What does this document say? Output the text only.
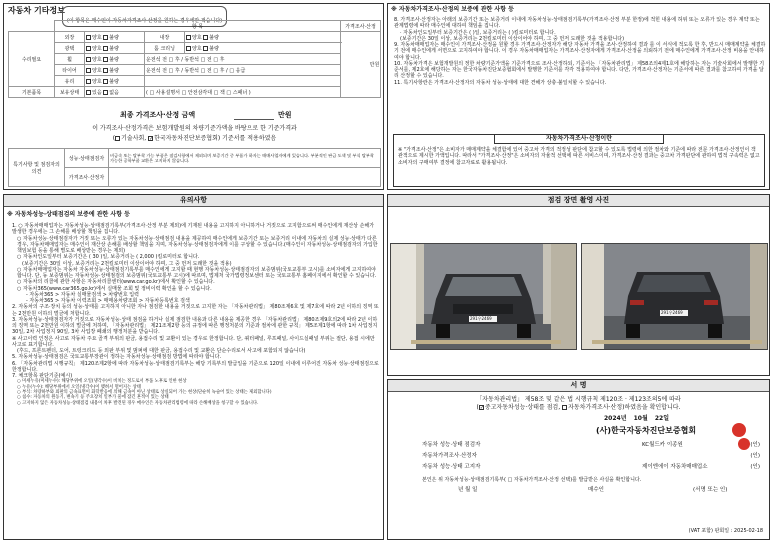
자동차 기타정보
(이 항목은 매수인이 자동차가격조사·산정을 원하는 경우에만 적습니다)
	항 목				가격조사·산정
수리필요	외장	양호 불량	내장	양호 불량	만원
	광택	양호 불량	룸 크리닝	양호 불량	
	휠	양호 불량	운전석 전 □ 후 / 동반석 □ 전 □ 후		
	타이어	양호 불량	운전석 전 □ 후 / 동반석 □ 전 □ 후 / □ 응급		
	유리	양호 불량			
기본품목	보유상태	있음 없음	( □ 사용설명서 □ 안전삼각대 □ 잭 □ 스패너 )		
최종 가격조사·산정 금액	만원
이 가격조사·산정가격은 보험개발원의 차량기준가액을 바탕으로 한 기준가격과
( 기술사회, ✓ 한국자동차진단보증협회) 기준서를 적용하였음
특기사항 및 점검자의 의견	성능·상태점검자	비금속 또는 탈부착 가능 부품은 점검사항에서 제외되며 보증기간 중 부품가 하자는 매매사업자에게 있습니다. 부분적인 판금 도색 및 부식 탈부착 가능한 공학부품 교환은 고지하지 않습니다.
	가격조사·산정자	
※ 자동차가격조사·산정의 보증에 관한 사항 등
8. 가격조사·산정자는 아래의 보증기간 또는 보증거리 이내에 자동차성능·상태점검기록부(가격조사·산정 부분 한정)에 적힌 내용에 허위 또는 오류가 있는 경우 계약 또는 관계법령에 따라 매수인에 대하여 책임을 집니다.
· 자동차인도일부터 보증기간은 ( )일, 보증거리는 ( )킬로미터로 합니다.
(보증기간은 30일 이상, 보증거리는 2천킬로미터 이상이어야 하며, 그 중 먼저 도래한 것을 적용합니다)
9. 자동차매매업자는 매수인이 가격조사·산정을 원할 경우 가격조사·산정자가 해당 자동차 가격을 조사·산정하여 결과 를 이 서식에 적도록 한 후, 반드시 매매계약을 체결하기 전에 매수인에게 서면으로 고지하여야 합니다. 이 경우 자동차매매업자는 가격조사·산정자에게 가격조사·산정을 의뢰하기 전에 매수인에게 가격조사·산정 비용을 안내하여야 합니다.
10. 자동차가격은 보험개발원의 정한 차량기준가액을 기준가격으로 조사·산정하되, 기준서는 「자동차관리법」 제58조의4제1호에 해당하는 자는 기술사회에서 발행한 기준서를, 제2호에 해당하는 자는 한국자동차진단보증협회에서 발행한 기준서를 각각 적용하여야 합니다. 다만, 가격조사·산정자는 기준서에 따른 결과를 참고하여 가격을 달리 산정할 수 있습니다.
11. 특기사항란은 가격조사·산정자의 자동차 성능·상태에 대한 견해가 상충·불일치할 수 있습니다.
자동차가격조사·산정이란
※ "가격조사·산정"은 소비자가 매매계약을 체결함에 있어 중고차 가격의 적정성 판단에 참고할 수 있도록 법령에 의한 절차와 기준에 따라 전문 가격조사·산정인이 객관적으로 제시한 가액입니다. 따라서 "가격조사·산정"은 소비자의 자율적 선택에 따른 서비스이며, 가격조사·산정 결과는 중고차 가격판단에 관하여 법적 구속력은 없고 소비자의 구매여부 결정에 참고자료로 활용됩니다.
유의사항
※ 자동차성능·상태점검의 보증에 관한 사항 등
1. ○ 자동차매매업자는 자동차성능·상태점검기록부(가격조사·산정 부분 제외)에 기재된 내용을 고지하지 아니하거나 거짓으로 고지함으로써 매수인에게 재산상 손해가 발생한 경우에는 그 손해를 배상할 책임을 집니다.
○ 자동차성능·상태점검자가 거짓 또는 오류가 있는 자동차성능·상태점검 내용을 제공하여 매수인에게 보증기간 또는 보증거리 이내에 자동차의 실제 성능·상태가 다른 경우, 자동차매매업자는 매수인이 재산상 손해를 배상할 책임을 지며, 자동차성능·상태점검자에게 이를 구상할 수 있습니다.(매수인이 자동차성능·상태점검자의 가입한 책임보험 등을 통해 별도로 배상받는 경우는 제외)
○ 자동차인도일부터 보증기간은 ( 30 )일, 보증거리는 ( 2,000 )킬로미터로 합니다.
(보증기간은 30일 이상, 보증거리는 2천킬로미터 이상이어야 하며, 그 중 먼저 도래한 것을 적용)
○ 자동차매매업자는 자동차 자동차성능·상태점검기록부를 매수인에게 고지할 때 현행 자동차성능·상태점검자의 보증범위(국토교통부 고시)를 소비자에게 고지하여야 합니다. 단, 동 보증범위는 자동차성능·상태점검의 보증범위(국토교통부 고시)에 따르며, 법제처 국가법령정보센터 또는 국토교통부 홈페이지에서 확인할 수 있습니다.
○ 자동차의 리콜에 관한 사항은 자동차리콜센터(www.car.go.kr)에서 확인할 수 있습니다.
○ 자동차365(www.car365.go.kr)에서 실매물 조회 및 정비이력 확인을 할 수 있습니다.
- 자동차365 > 자동차 실매물검색 > 차량번호 입력
- 자동차365 > 자동차 이력조회 > 매매용차량조회 > 자동차등록번호 검색
2. 자동차의 구조·장치 등의 성능·상태를 고지하지 아니한 자나 점검한 내용을 거짓으로 고지한 자는 「자동차관리법」 제80조제6호 및 제7호에 따라 2년 이하의 징역 또는 2천만원 이하의 벌금에 처합니다.
3. 자동차성능·상태점검자가 거짓으로 자동차성능·상태 점검을 하거나 실제 점검한 내용과 다른 내용을 제공한 경우 「자동차관리법」 제80조제9호의2에 따라 2년 이하의 징역 또는 2천만원 이하의 벌금에 처하며, 「자동차관리법」 제21조제2항 등의 규정에 따른 행정처분의 기준과 절차에 관한 규칙」 제5조제1항에 따라 1차 사업정지 30일, 2차 사업정지 90일, 3차 사업장 폐쇄의 행정처분을 받습니다.
※ 사고이력 인정은 사고로 자동차 주요 골격 부위의 판금, 용접수리 및 교환이 있는 경우로 한정합니다. 단, 쿼터패널, 루프패널, 사이드실패널 부위는 절단, 용접 시에만 사고로 표기합니다.
(후드, 프론트펜더, 도어, 트렁크리드 등 외판 부위 및 범퍼에 대한 판금, 용접수리 및 교환은 단순수리로서 사고에 포함되지 않습니다)
5. 자동차성능·상태점검은 국토교통부장관이 정하는 자동차성능·상태점검 방법에 따라야 합니다.
6. 「자동차관리법 시행규칙」 제120조제2항에 따라 자동차성능·상태점검기록부는 해당 기록부의 발급일을 기준으로 120일 이내에 이루어진 자동차 성능·상태점검으로 한정합니다.
7. 체크항목 판단기준(예시)
○ 미세누유(미세누수): 해당부위에 오일(냉각수)이 비치는 정도로서 부품 노후로 인한 현상
○ 누유(누수): 해당부위에서 오일(냉각수)이 맺혀서 떨어지는 상태
○ 부식: 차량하부와 외판의 금속표면이 화학반응에 의해 금속이 아닌 상태로 상실되어 가는 현상(단순히 녹슬어 있는 상태는 제외합니다)
○ 침수: 자동차의 원동기, 변속기 등 주요장치 일부가 물에 잠긴 흔적이 있는 상태
○ 고지하지 않은 자동차성능·상태점검 내용이 차후 발견된 경우 매수인은 자동차관리법령에 따라 손해배상을 청구할 수 있습니다.
점검 장면 촬영 사진
291우2469
291우2469
서 명
「자동차관리법」 제58조 및 같은 법 시행규칙 제120조 · 제123조의5에 따라
( ✓ 중고자동차성능·상태를 점검, 자동차가격조사·산정)하였음을 확인합니다.
2024년 10월 22일
(사)한국자동차진단보증협회
자동차 성능·상태 점검자	KC월드카 이종원	(인)
자동차가격조사·산정자	(인)
자동차 성능·상태 고지자	제이엔에이 자동차매매업소	(인)
본인은 위 자동차성능·상태점검기록부( □ 자동차가격조사·산정 선택)를 발급받은 사실을 확인합니다.
년 월 일	매수인	(서명 또는 인)
(VAT 포함) 판회일 : 2025-02-18
